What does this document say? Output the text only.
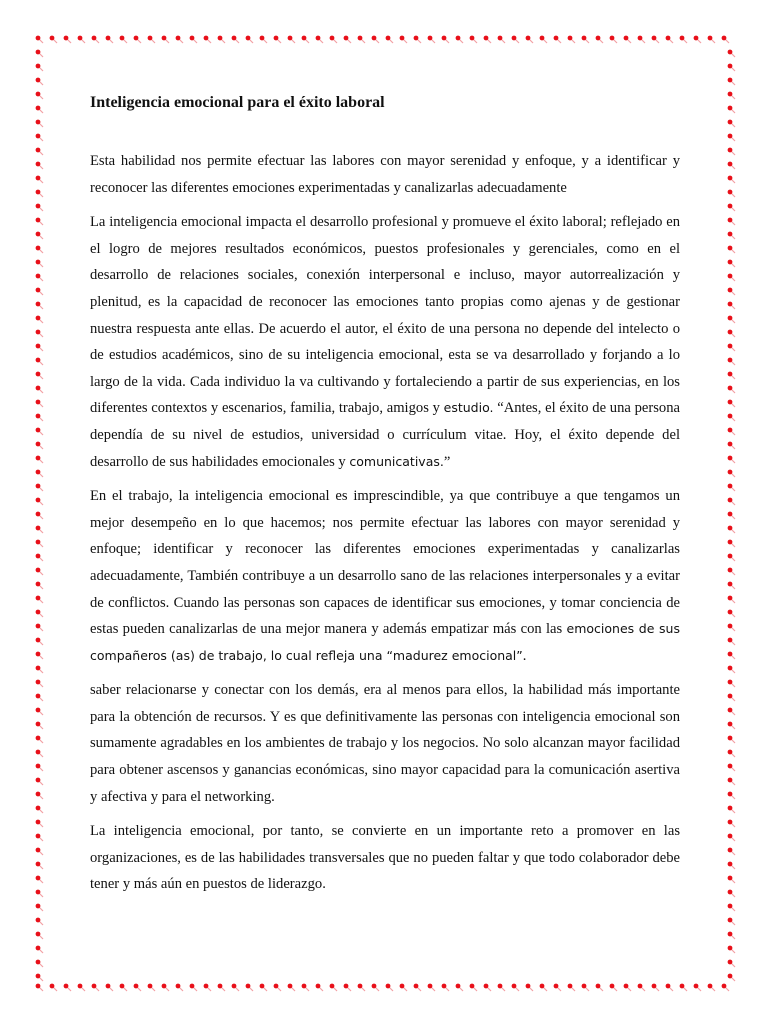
Inteligencia emocional para el éxito laboral

Esta habilidad nos permite efectuar las labores con mayor serenidad y enfoque, y a identificar y reconocer las diferentes emociones experimentadas y canalizarlas adecuadamente

La inteligencia emocional impacta el desarrollo profesional y promueve el éxito laboral; reflejado en el logro de mejores resultados económicos, puestos profesionales y gerenciales, como en el desarrollo de relaciones sociales, conexión interpersonal e incluso, mayor autorrealización y plenitud, es la capacidad de reconocer las emociones tanto propias como ajenas y de gestionar nuestra respuesta ante ellas. De acuerdo el autor, el éxito de una persona no depende del intelecto o de estudios académicos, sino de su inteligencia emocional, esta se va desarrollado y forjando a lo largo de la vida. Cada individuo la va cultivando y fortaleciendo a partir de sus experiencias, en los diferentes contextos y escenarios, familia, trabajo, amigos y estudio. “Antes, el éxito de una persona dependía de su nivel de estudios, universidad o currículum vitae. Hoy, el éxito depende del desarrollo de sus habilidades emocionales y comunicativas.”

En el trabajo, la inteligencia emocional es imprescindible, ya que contribuye a que tengamos un mejor desempeño en lo que hacemos; nos permite efectuar las labores con mayor serenidad y enfoque; identificar y reconocer las diferentes emociones experimentadas y canalizarlas adecuadamente, También contribuye a un desarrollo sano de las relaciones interpersonales y a evitar de conflictos. Cuando las personas son capaces de identificar sus emociones, y tomar conciencia de estas pueden canalizarlas de una mejor manera y además empatizar más con las emociones de sus compañeros (as) de trabajo, lo cual refleja una “madurez emocional”.

saber relacionarse y conectar con los demás, era al menos para ellos, la habilidad más importante para la obtención de recursos. Y es que definitivamente las personas con inteligencia emocional son sumamente agradables en los ambientes de trabajo y los negocios. No solo alcanzan mayor facilidad para obtener ascensos y ganancias económicas, sino mayor capacidad para la comunicación asertiva y afectiva y para el networking.

La inteligencia emocional, por tanto, se convierte en un importante reto a promover en las organizaciones, es de las habilidades transversales que no pueden faltar y que todo colaborador debe tener y más aún en puestos de liderazgo.
